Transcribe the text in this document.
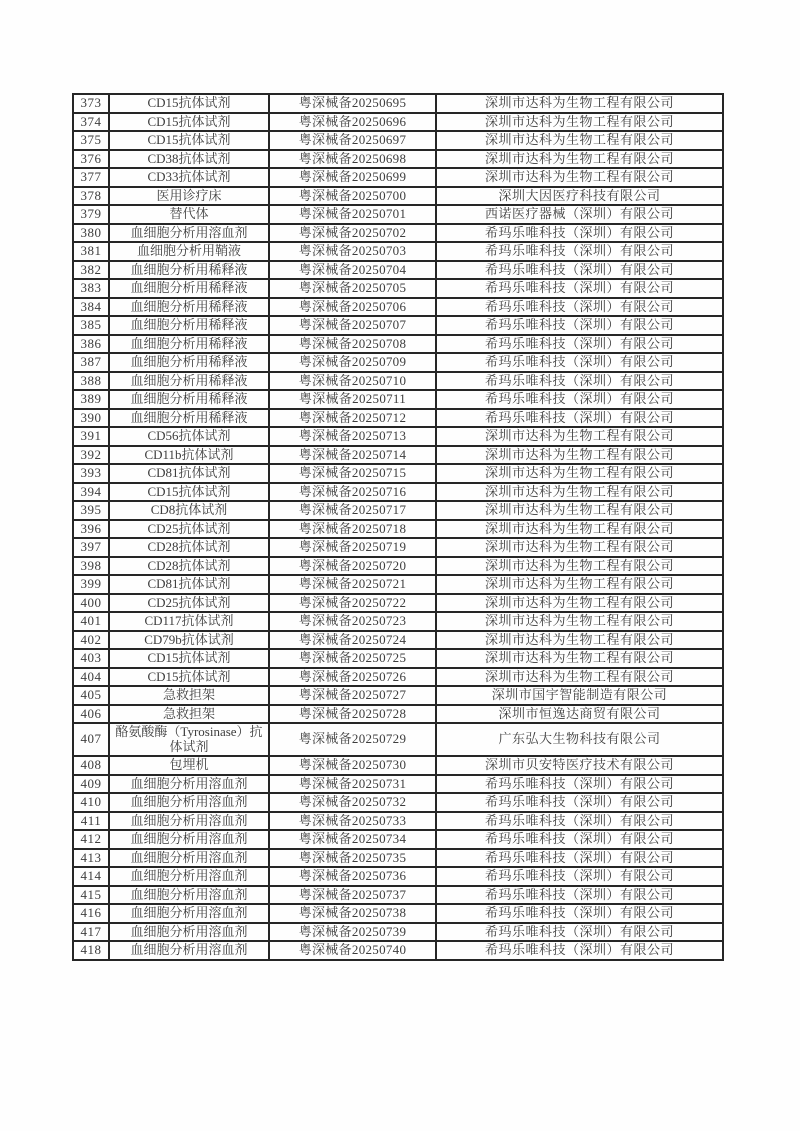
373	CD15抗体试剂	粤深械备20250695	深圳市达科为生物工程有限公司
374	CD15抗体试剂	粤深械备20250696	深圳市达科为生物工程有限公司
375	CD15抗体试剂	粤深械备20250697	深圳市达科为生物工程有限公司
376	CD38抗体试剂	粤深械备20250698	深圳市达科为生物工程有限公司
377	CD33抗体试剂	粤深械备20250699	深圳市达科为生物工程有限公司
378	医用诊疗床	粤深械备20250700	深圳大因医疗科技有限公司
379	替代体	粤深械备20250701	西诺医疗器械（深圳）有限公司
380	血细胞分析用溶血剂	粤深械备20250702	希玛乐唯科技（深圳）有限公司
381	血细胞分析用鞘液	粤深械备20250703	希玛乐唯科技（深圳）有限公司
382	血细胞分析用稀释液	粤深械备20250704	希玛乐唯科技（深圳）有限公司
383	血细胞分析用稀释液	粤深械备20250705	希玛乐唯科技（深圳）有限公司
384	血细胞分析用稀释液	粤深械备20250706	希玛乐唯科技（深圳）有限公司
385	血细胞分析用稀释液	粤深械备20250707	希玛乐唯科技（深圳）有限公司
386	血细胞分析用稀释液	粤深械备20250708	希玛乐唯科技（深圳）有限公司
387	血细胞分析用稀释液	粤深械备20250709	希玛乐唯科技（深圳）有限公司
388	血细胞分析用稀释液	粤深械备20250710	希玛乐唯科技（深圳）有限公司
389	血细胞分析用稀释液	粤深械备20250711	希玛乐唯科技（深圳）有限公司
390	血细胞分析用稀释液	粤深械备20250712	希玛乐唯科技（深圳）有限公司
391	CD56抗体试剂	粤深械备20250713	深圳市达科为生物工程有限公司
392	CD11b抗体试剂	粤深械备20250714	深圳市达科为生物工程有限公司
393	CD81抗体试剂	粤深械备20250715	深圳市达科为生物工程有限公司
394	CD15抗体试剂	粤深械备20250716	深圳市达科为生物工程有限公司
395	CD8抗体试剂	粤深械备20250717	深圳市达科为生物工程有限公司
396	CD25抗体试剂	粤深械备20250718	深圳市达科为生物工程有限公司
397	CD28抗体试剂	粤深械备20250719	深圳市达科为生物工程有限公司
398	CD28抗体试剂	粤深械备20250720	深圳市达科为生物工程有限公司
399	CD81抗体试剂	粤深械备20250721	深圳市达科为生物工程有限公司
400	CD25抗体试剂	粤深械备20250722	深圳市达科为生物工程有限公司
401	CD117抗体试剂	粤深械备20250723	深圳市达科为生物工程有限公司
402	CD79b抗体试剂	粤深械备20250724	深圳市达科为生物工程有限公司
403	CD15抗体试剂	粤深械备20250725	深圳市达科为生物工程有限公司
404	CD15抗体试剂	粤深械备20250726	深圳市达科为生物工程有限公司
405	急救担架	粤深械备20250727	深圳市国宇智能制造有限公司
406	急救担架	粤深械备20250728	深圳市恒逸达商贸有限公司
407	酪氨酸酶（Tyrosinase）抗体试剂	粤深械备20250729	广东弘大生物科技有限公司
408	包埋机	粤深械备20250730	深圳市贝安特医疗技术有限公司
409	血细胞分析用溶血剂	粤深械备20250731	希玛乐唯科技（深圳）有限公司
410	血细胞分析用溶血剂	粤深械备20250732	希玛乐唯科技（深圳）有限公司
411	血细胞分析用溶血剂	粤深械备20250733	希玛乐唯科技（深圳）有限公司
412	血细胞分析用溶血剂	粤深械备20250734	希玛乐唯科技（深圳）有限公司
413	血细胞分析用溶血剂	粤深械备20250735	希玛乐唯科技（深圳）有限公司
414	血细胞分析用溶血剂	粤深械备20250736	希玛乐唯科技（深圳）有限公司
415	血细胞分析用溶血剂	粤深械备20250737	希玛乐唯科技（深圳）有限公司
416	血细胞分析用溶血剂	粤深械备20250738	希玛乐唯科技（深圳）有限公司
417	血细胞分析用溶血剂	粤深械备20250739	希玛乐唯科技（深圳）有限公司
418	血细胞分析用溶血剂	粤深械备20250740	希玛乐唯科技（深圳）有限公司
